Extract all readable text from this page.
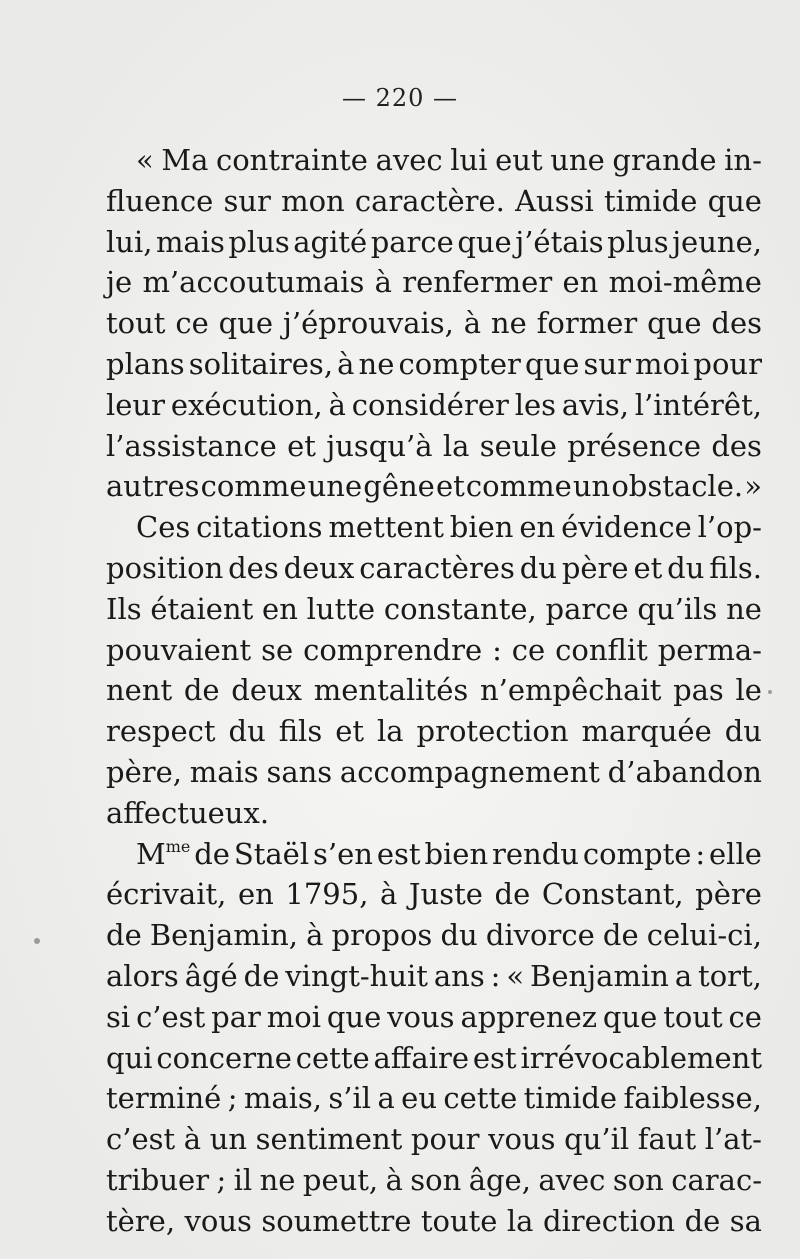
— 220 —
« Ma contrainte avec lui eut une grande in-
fluence sur mon caractère. Aussi timide que
lui, mais plus agité parce que j’étais plus jeune,
je m’accoutumais à renfermer en moi-même
tout ce que j’éprouvais, à ne former que des
plans solitaires, à ne compter que sur moi pour
leur exécution, à considérer les avis, l’intérêt,
l’assistance et jusqu’à la seule présence des
autres comme une gêne et comme un obstacle. »
Ces citations mettent bien en évidence l’op-
position des deux caractères du père et du fils.
Ils étaient en lutte constante, parce qu’ils ne
pouvaient se comprendre : ce conflit perma-
nent de deux mentalités n’empêchait pas le
respect du fils et la protection marquée du
père, mais sans accompagnement d’abandon
affectueux.
$M^{me}$ de Staël s’en est bien rendu compte : elle
écrivait, en 1795, à Juste de Constant, père
de Benjamin, à propos du divorce de celui-ci,
alors âgé de vingt-huit ans : « Benjamin a tort,
si c’est par moi que vous apprenez que tout ce
qui concerne cette affaire est irrévocablement
terminé ; mais, s’il a eu cette timide faiblesse,
c’est à un sentiment pour vous qu’il faut l’at-
tribuer ; il ne peut, à son âge, avec son carac-
tère, vous soumettre toute la direction de sa
